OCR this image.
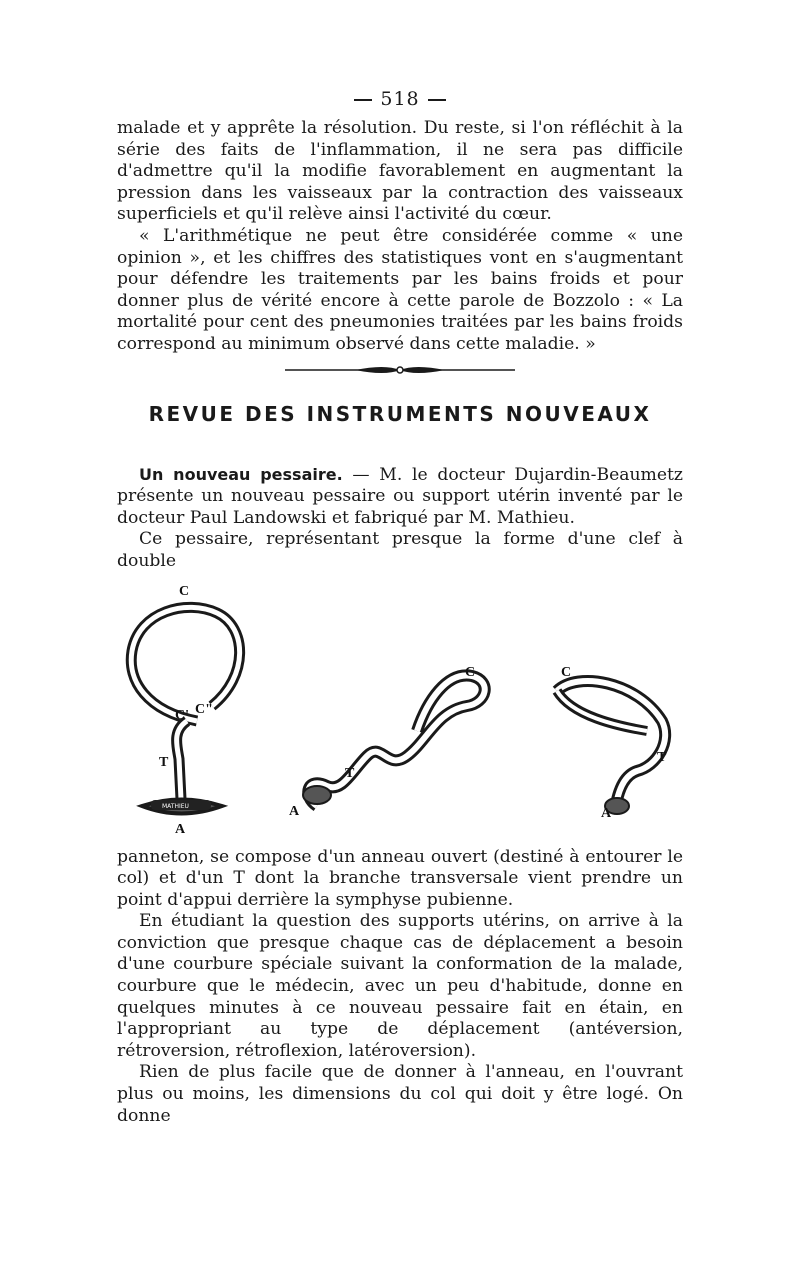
518

malade et y apprête la résolution. Du reste, si l'on réfléchit à la série des faits de l'inflammation, il ne sera pas difficile d'admettre qu'il la modifie favorablement en augmentant la pression dans les vaisseaux par la contraction des vaisseaux superficiels et qu'il relève ainsi l'activité du cœur.

« L'arithmétique ne peut être considérée comme « une opinion », et les chiffres des statistiques vont en s'augmentant pour défendre les traitements par les bains froids et pour donner plus de vérité encore à cette parole de Bozzolo : « La mortalité pour cent des pneumonies traitées par les bains froids correspond au minimum observé dans cette maladie. »

REVUE DES INSTRUMENTS NOUVEAUX

Un nouveau pessaire. — M. le docteur Dujardin-Beaumetz présente un nouveau pessaire ou support utérin inventé par le docteur Paul Landowski et fabriqué par M. Mathieu.

Ce pessaire, représentant presque la forme d'une clef à double

C
C' C"
T
A
MATHIEU
C
T
A
C
T
A

panneton, se compose d'un anneau ouvert (destiné à entourer le col) et d'un T dont la branche transversale vient prendre un point d'appui derrière la symphyse pubienne.

En étudiant la question des supports utérins, on arrive à la conviction que presque chaque cas de déplacement a besoin d'une courbure spéciale suivant la conformation de la malade, courbure que le médecin, avec un peu d'habitude, donne en quelques minutes à ce nouveau pessaire fait en étain, en l'appropriant au type de déplacement (antéversion, rétroversion, rétroflexion, latéroversion).

Rien de plus facile que de donner à l'anneau, en l'ouvrant plus ou moins, les dimensions du col qui doit y être logé. On donne
